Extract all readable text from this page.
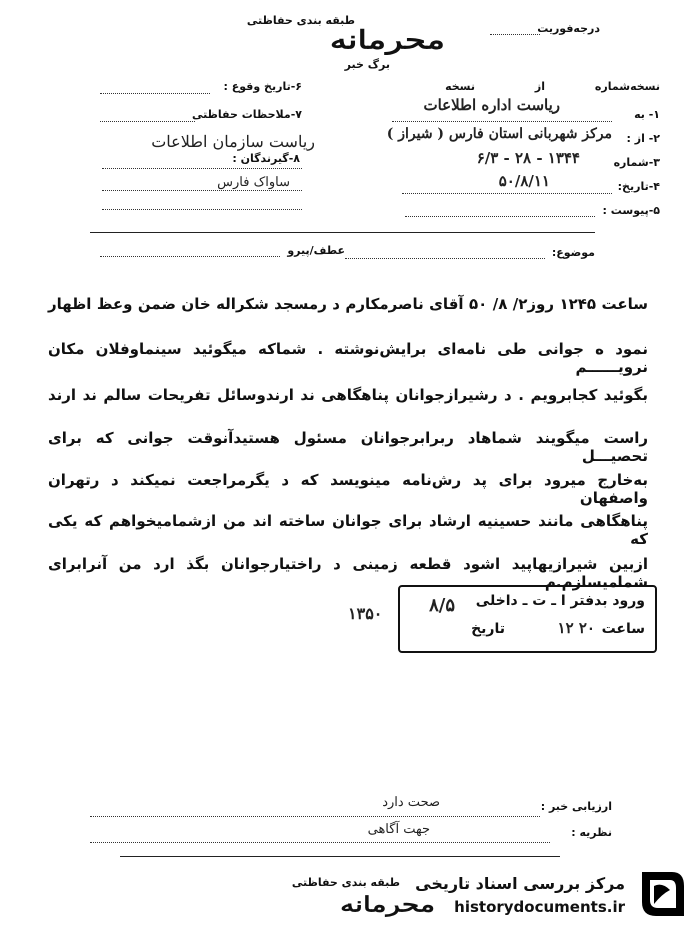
درجه‌فوریت
طبقه بندی حفاظتی
محرمانه
برگ خبر
۶-تاریخ وقوع :
۷-ملاحظات حفاظتی
۸-گیرندگان :
ریاست سازمان اطلاعات
ساواک فارس
نسخه‌شماره
از
نسخه
۱- به
ریاست اداره اطلاعات
۲- از :
مرکز شهربانی استان فارس ( شیراز )
۳-شماره
۱۳۴۴ - ۲۸ - ۶/۳
۴-تاریخ:
۵۰/۸/۱۱
۵-پیوست :
موضوع:
عطف/پیرو
ساعت ۱۲۴۵ روز۲/ ۸/ ۵۰ آقای ناصرمکارم د رمسجد شکراله خان ضمن وعظ اظهار
نمود ه جوانی طی نامه‌ای برایش‌نوشته . شماکه میگوئید سینماوفلان مکان نرویــــــم
بگوئید کجابرویم . د رشیرازجوانان پناهگاهی ند ارندوسائل تفریحات سالم ند ارند
راست میگویند شماهاد ربرابرجوانان مسئول هستیدآنوقت جوانی که برای تحصیـــل
به‌خارج میرود برای پد رش‌نامه مینویسد که د یگرمراجعت نمیکند د رتهران واصفهان
پناهگاهی مانند حسینیه ارشاد برای جوانان ساخته اند من ازشمامیخواهم که یکی که
ازبین شیرازیهاپید اشود قطعه زمینی د راختیارجوانان بگذ ارد من آنرابرای شماميسازم.م
ورود بدفتر ا ـ ت ـ داخلی
ساعت
۲۰ ۱۲
تاریخ
۸/۵
۱۳۵۰
ارزیابی خبر :
صحت دارد
نظریه :
جهت آگاهی
طبقه بندی حفاظتی
محرمانه
مرکز بررسی اسناد تاریخی
historydocuments.ir
